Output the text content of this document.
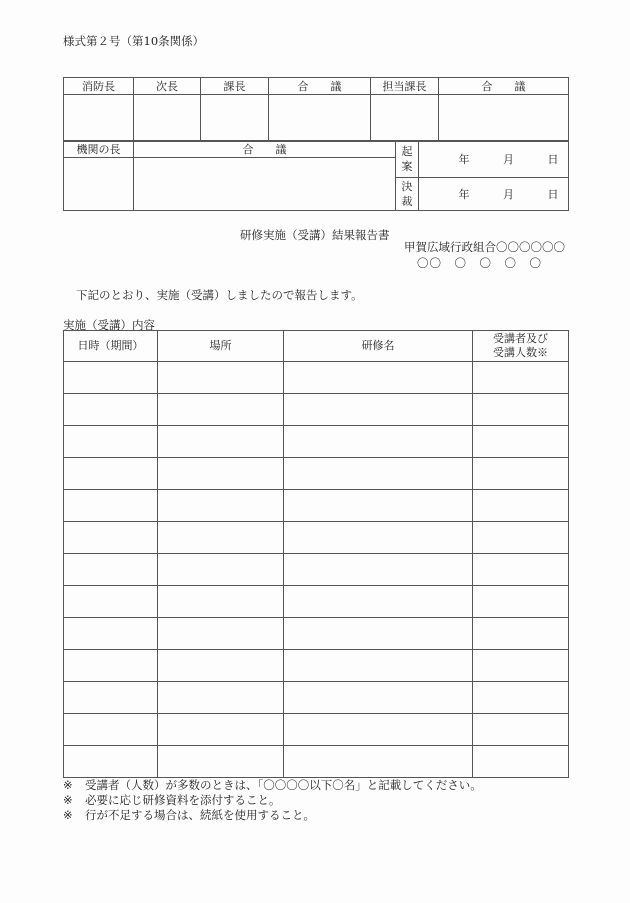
様式第２号（第10条関係）
消防長	次長	課長	合　　議	担当課長	合　　議

機関の長	合　　議	起案	年 月 日

		決裁	年 月 日
研修実施（受講）結果報告書
甲賀広域行政組合〇〇〇〇〇〇
〇〇　〇　〇　〇　〇
下記のとおり、実施（受講）しましたので報告します。
実施（受講）内容
日時（期間）	場所	研修名	受講者及び
受講人数※

※ 受講者（人数）が多数のときは、「〇〇〇〇以下〇名」と記載してください。
※ 必要に応じ研修資料を添付すること。
※ 行が不足する場合は、続紙を使用すること。
